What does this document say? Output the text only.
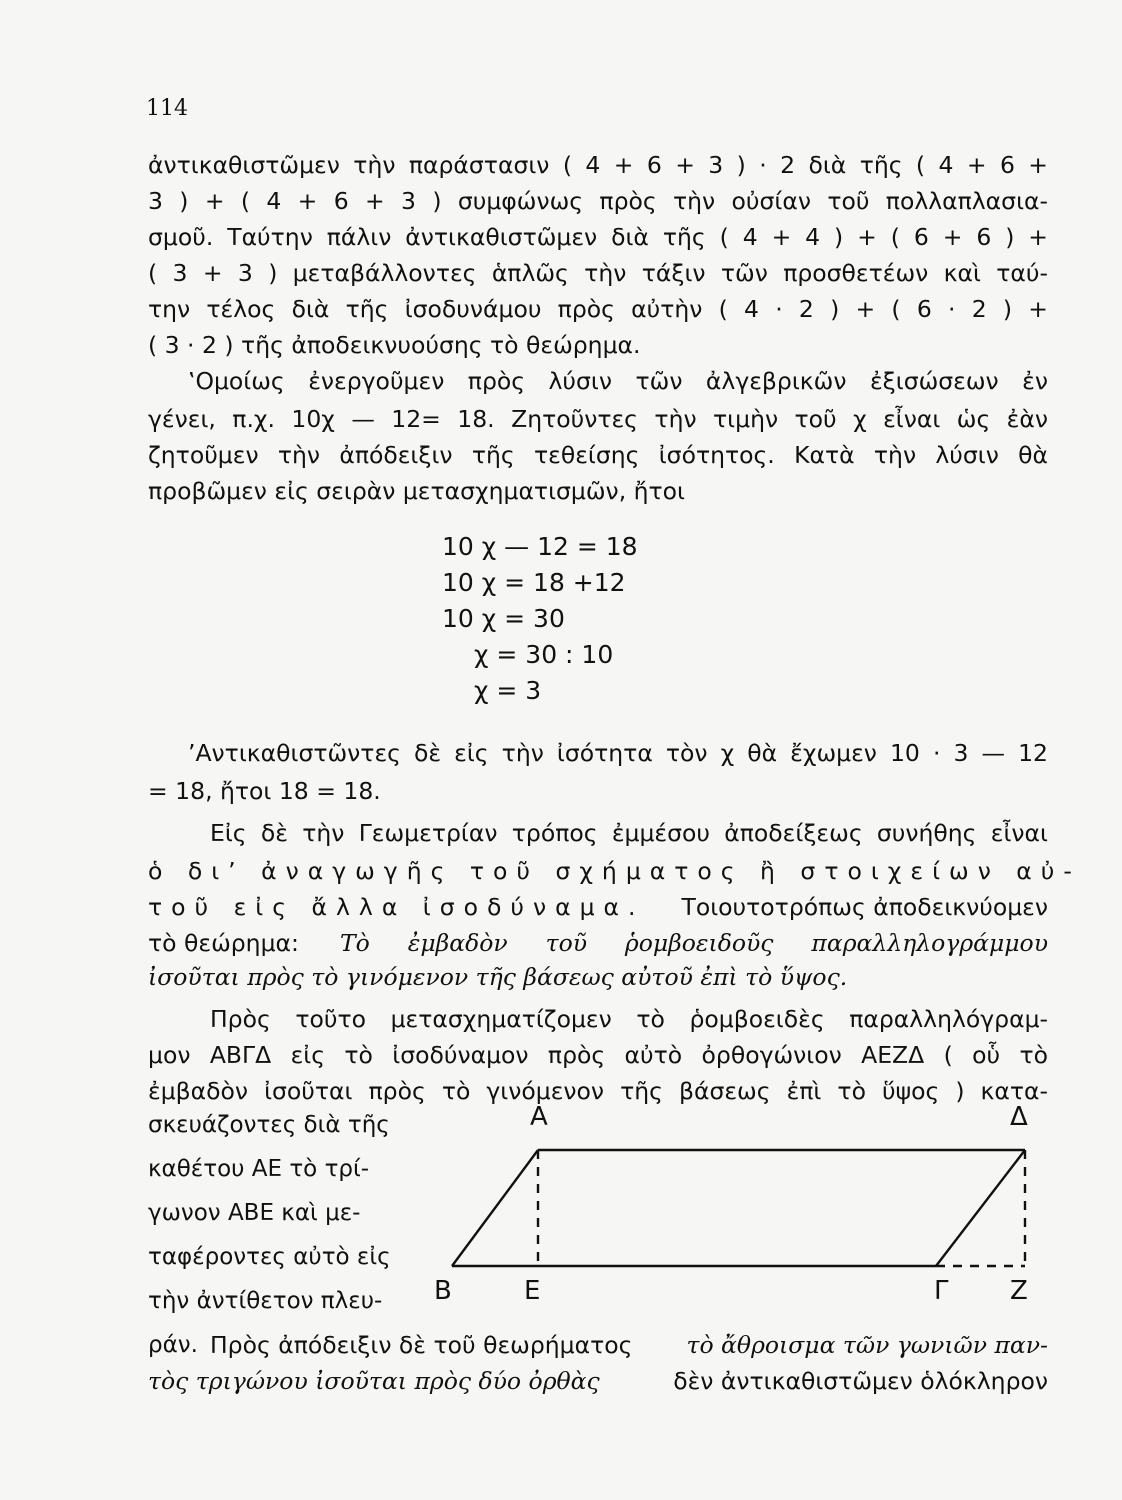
114
ἀντικαθιστῶμεν τὴν παράστασιν ( 4 + 6 + 3 ) · 2 διὰ τῆς ( 4 + 6 +
3 ) + ( 4 + 6 + 3 ) συμφώνως πρὸς τὴν οὐσίαν τοῦ πολλαπλασια-
σμοῦ. Ταύτην πάλιν ἀντικαθιστῶμεν διὰ τῆς ( 4 + 4 ) + ( 6 + 6 ) +
( 3 + 3 ) μεταβάλλοντες ἁπλῶς τὴν τάξιν τῶν προσθετέων καὶ ταύ-
την τέλος διὰ τῆς ἰσοδυνάμου πρὸς αὐτὴν ( 4 · 2 ) + ( 6 · 2 ) +
( 3 · 2 ) τῆς ἀποδεικνυούσης τὸ θεώρημα.
‛Ομοίως ἐνεργοῦμεν πρὸς λύσιν τῶν ἀλγεβρικῶν ἐξισώσεων ἐν
γένει, π.χ. 10χ — 12= 18. Ζητοῦντες τὴν τιμὴν τοῦ χ εἶναι ὡς ἐὰν
ζητοῦμεν τὴν ἀπόδειξιν τῆς τεθείσης ἰσότητος. Κατὰ τὴν λύσιν θὰ
προβῶμεν εἰς σειρὰν μετασχηματισμῶν, ἤτοι
10 χ — 12 = 18
10 χ = 18 +12
10 χ = 30
χ = 30 : 10
χ = 3
’Αντικαθιστῶντες δὲ εἰς τὴν ἰσότητα τὸν χ θὰ ἔχωμεν 10 · 3 — 12
= 18, ἤτοι 18 = 18.
Εἰς δὲ τὴν Γεωμετρίαν τρόπος ἐμμέσου ἀποδείξεως συνήθης εἶναι
ὁ δι’ ἀναγωγῆς τοῦ σχήματος ἢ στοιχείων αὐ-
τοῦ εἰς ἄλλα ἰσοδύναμα. Τοιουτοτρόπως ἀποδεικνύομεν
τὸ θεώρημα: Τὸ ἐμβαδὸν τοῦ ῥομβοειδοῦς παραλληλογράμμου
ἰσοῦται πρὸς τὸ γινόμενον τῆς βάσεως αὐτοῦ ἐπὶ τὸ ὕψος.
Πρὸς τοῦτο μετασχηματίζομεν τὸ ῥομβοειδὲς παραλληλόγραμ-
μον ΑΒΓΔ εἰς τὸ ἰσοδύναμον πρὸς αὐτὸ ὀρθογώνιον ΑΕΖΔ ( οὗ τὸ
ἐμβαδὸν ἰσοῦται πρὸς τὸ γινόμενον τῆς βάσεως ἐπὶ τὸ ὕψος ) κατα-
σκευάζοντες διὰ τῆς
καθέτου ΑΕ τὸ τρί-
γωνον ΑΒΕ καὶ με-
ταφέροντες αὐτὸ εἰς
τὴν ἀντίθετον πλευ-
ράν. Πρὸς ἀπόδειξιν δὲ τοῦ θεωρήματος τὸ ἄθροισμα τῶν γωνιῶν παν-
τὸς τριγώνου ἰσοῦται πρὸς δύο ὀρθὰς	δὲν ἀντικαθιστῶμεν ὁλόκληρον
Α	Δ
Β	Ε	Γ Ζ
